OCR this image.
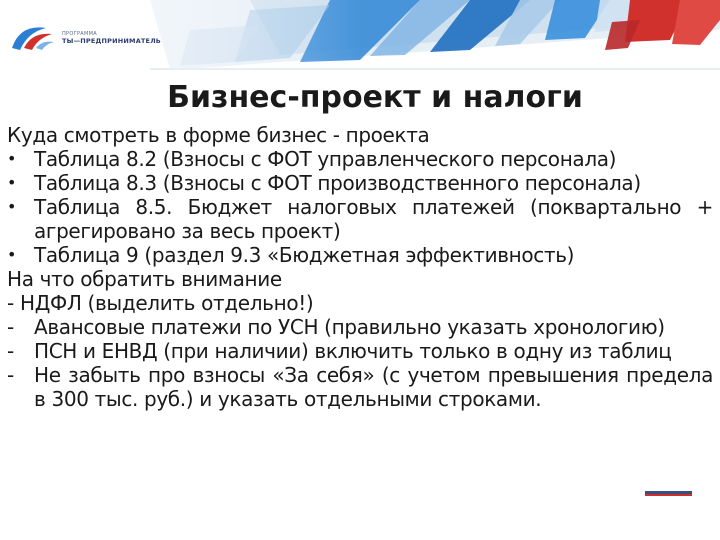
ПРОГРАММА
ТЫ—ПРЕДПРИНИМАТЕЛЬ
Бизнес-проект и налоги
Куда смотреть в форме бизнес - проекта
• Таблица 8.2 (Взносы с ФОТ управленческого персонала)
• Таблица 8.3 (Взносы с ФОТ производственного персонала)
• Таблица 8.5. Бюджет налоговых платежей (поквартально + агрегировано за весь проект)
• Таблица 9 (раздел 9.3 «Бюджетная эффективность)
На что обратить внимание
- НДФЛ (выделить отдельно!)
-	Авансовые платежи по УСН (правильно указать хронологию)
-	ПСН и ЕНВД (при наличии) включить только в одну из таблиц
-	Не забыть про взносы «За себя» (с учетом превышения предела в 300 тыс. руб.) и указать отдельными строками.
